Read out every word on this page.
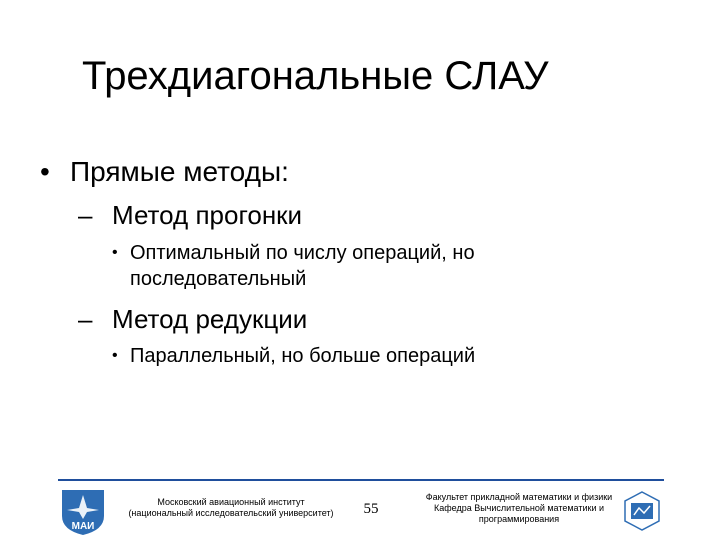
Трехдиагональные СЛАУ
• Прямые методы:
– Метод прогонки
• Оптимальный по числу операций, но последовательный
– Метод редукции
• Параллельный, но больше операций
МАИ
Московский авиационный институт
(национальный исследовательский университет)	55
Факультет прикладной математики и физики
Кафедра Вычислительной математики и
программирования
